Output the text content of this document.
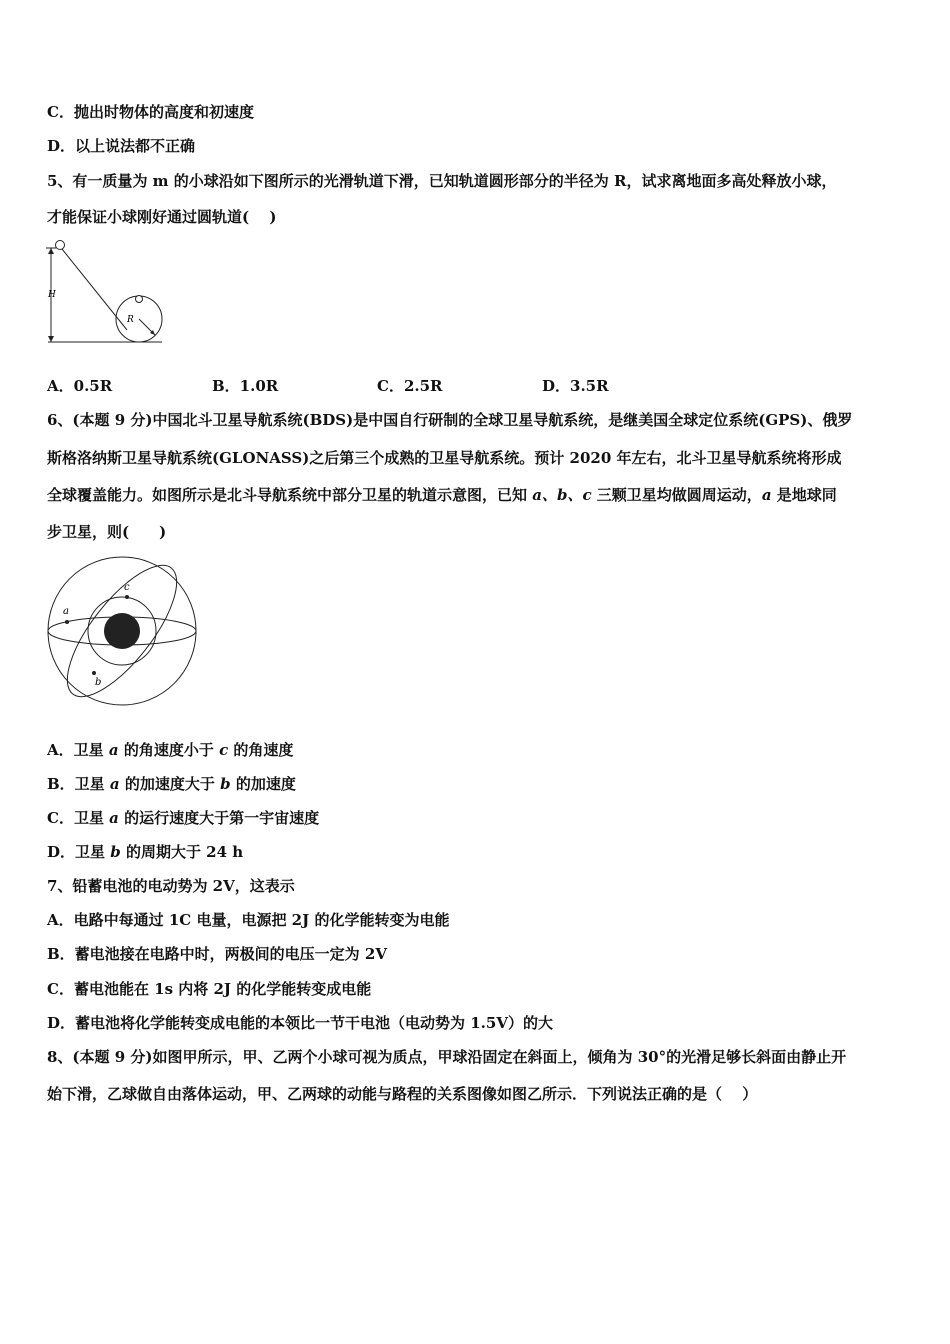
C．抛出时物体的高度和初速度
D．以上说法都不正确
5、有一质量为 m 的小球沿如下图所示的光滑轨道下滑，已知轨道圆形部分的半径为 R，试求离地面多高处释放小球，
才能保证小球刚好通过圆轨道(　 )
H
R
A．0.5R	B．1.0R	C．2.5R	D．3.5R
6、(本题 9 分)中国北斗卫星导航系统(BDS)是中国自行研制的全球卫星导航系统，是继美国全球定位系统(GPS)、俄罗
斯格洛纳斯卫星导航系统(GLONASS)之后第三个成熟的卫星导航系统。预计 2020 年左右，北斗卫星导航系统将形成
全球覆盖能力。如图所示是北斗导航系统中部分卫星的轨道示意图，已知 a、b、c 三颗卫星均做圆周运动，a 是地球同
步卫星，则(　　)
c
a
b
A．卫星 a 的角速度小于 c 的角速度
B．卫星 a 的加速度大于 b 的加速度
C．卫星 a 的运行速度大于第一宇宙速度
D．卫星 b 的周期大于 24 h
7、铅蓄电池的电动势为 2V，这表示
A．电路中每通过 1C 电量，电源把 2J 的化学能转变为电能
B．蓄电池接在电路中时，两极间的电压一定为 2V
C．蓄电池能在 1s 内将 2J 的化学能转变成电能
D．蓄电池将化学能转变成电能的本领比一节干电池（电动势为 1.5V）的大
8、(本题 9 分)如图甲所示，甲、乙两个小球可视为质点，甲球沿固定在斜面上，倾角为 30°的光滑足够长斜面由静止开
始下滑，乙球做自由落体运动，甲、乙两球的动能与路程的关系图像如图乙所示．下列说法正确的是（　 ）
